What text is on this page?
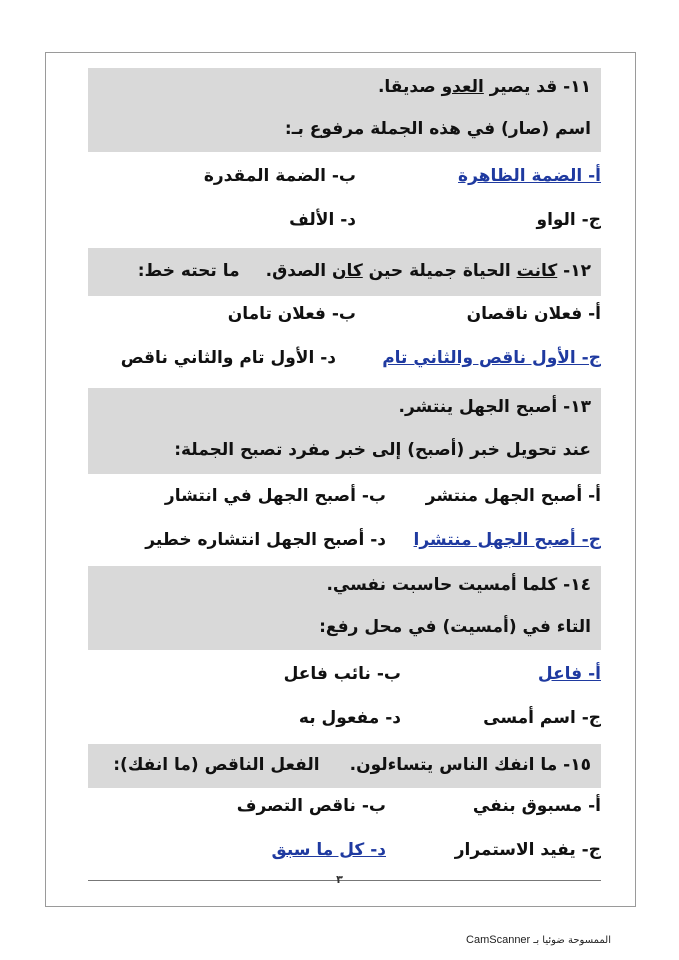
١١- قد يصير العدو صديقا.
اسم (صار) في هذه الجملة مرفوع بـ:
أ- الضمة الظاهرة
ب- الضمة المقدرة
ج- الواو
د- الألف
١٢- كانت الحياة جميلة حين كان الصدق.ما تحته خط:
أ- فعلان ناقصان
ب- فعلان تامان
ج- الأول ناقص والثاني تام
د- الأول تام والثاني ناقص
١٣- أصبح الجهل ينتشر.
عند تحويل خبر (أصبح) إلى خبر مفرد تصبح الجملة:
أ- أصبح الجهل منتشر
ب- أصبح الجهل في انتشار
ج- أصبح الجهل منتشرا
د- أصبح الجهل انتشاره خطير
١٤- كلما أمسيت حاسبت نفسي.
التاء في (أمسيت) في محل رفع:
أ- فاعل
ب- نائب فاعل
ج- اسم أمسى
د- مفعول به
١٥- ما انفك الناس يتساءلون.الفعل الناقص (ما انفك):
أ- مسبوق بنفي
ب- ناقص التصرف
ج- يفيد الاستمرار
د- كل ما سبق
٣
الممسوحة ضوئيا بـ CamScanner
